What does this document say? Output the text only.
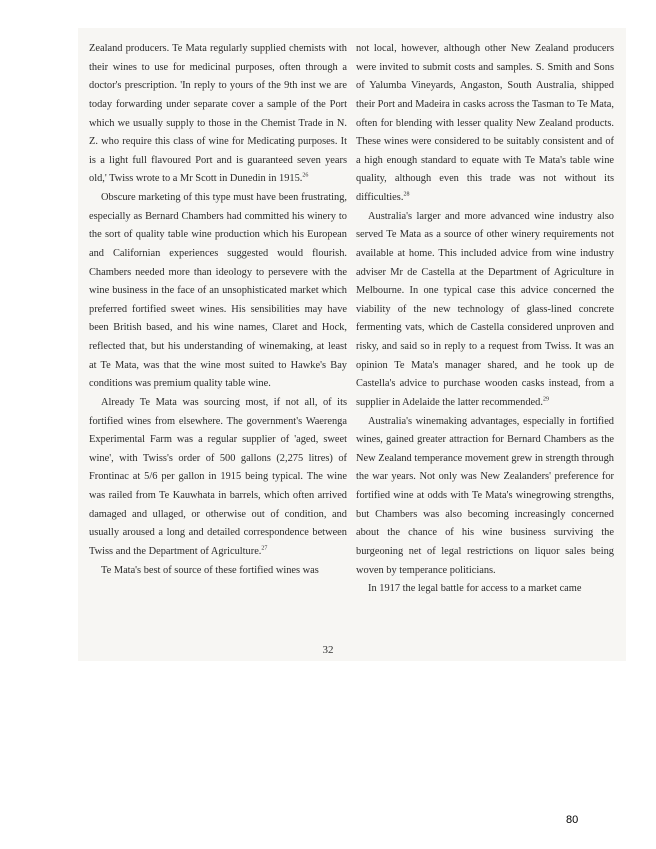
Zealand producers. Te Mata regularly supplied chemists with their wines to use for medicinal purposes, often through a doctor's prescription. 'In reply to yours of the 9th inst we are today forwarding under separate cover a sample of the Port which we usually supply to those in the Chemist Trade in N. Z. who require this class of wine for Medicating purposes. It is a light full flavoured Port and is guaranteed seven years old,' Twiss wrote to a Mr Scott in Dunedin in 1915.26

Obscure marketing of this type must have been frustrating, especially as Bernard Chambers had committed his winery to the sort of quality table wine production which his European and Californian experiences suggested would flourish. Chambers needed more than ideology to persevere with the wine business in the face of an unsophisticated market which preferred fortified sweet wines. His sensibilities may have been British based, and his wine names, Claret and Hock, reflected that, but his understanding of winemaking, at least at Te Mata, was that the wine most suited to Hawke's Bay conditions was premium quality table wine.

Already Te Mata was sourcing most, if not all, of its fortified wines from elsewhere. The government's Waerenga Experimental Farm was a regular supplier of 'aged, sweet wine', with Twiss's order of 500 gallons (2,275 litres) of Frontinac at 5/6 per gallon in 1915 being typical. The wine was railed from Te Kauwhata in barrels, which often arrived damaged and ullaged, or otherwise out of condition, and usually aroused a long and detailed correspondence between Twiss and the Department of Agriculture.$^{27}$

Te Mata's best of source of these fortified wines was

not local, however, although other New Zealand producers were invited to submit costs and samples. S. Smith and Sons of Yalumba Vineyards, Angaston, South Australia, shipped their Port and Madeira in casks across the Tasman to Te Mata, often for blending with lesser quality New Zealand products. These wines were considered to be suitably consistent and of a high enough standard to equate with Te Mata's table wine quality, although even this trade was not without its difficulties.$^{28}$

Australia's larger and more advanced wine industry also served Te Mata as a source of other winery requirements not available at home. This included advice from wine industry adviser Mr de Castella at the Department of Agriculture in Melbourne. In one typical case this advice concerned the viability of the new technology of glass-lined concrete fermenting vats, which de Castella considered unproven and risky, and said so in reply to a request from Twiss. It was an opinion Te Mata's manager shared, and he took up de Castella's advice to purchase wooden casks instead, from a supplier in Adelaide the latter recommended.$^{29}$

Australia's winemaking advantages, especially in fortified wines, gained greater attraction for Bernard Chambers as the New Zealand temperance movement grew in strength through the war years. Not only was New Zealanders' preference for fortified wine at odds with Te Mata's winegrowing strengths, but Chambers was also becoming increasingly concerned about the chance of his wine business surviving the burgeoning net of legal restrictions on liquor sales being woven by temperance politicians.

In 1917 the legal battle for access to a market came

32
80
